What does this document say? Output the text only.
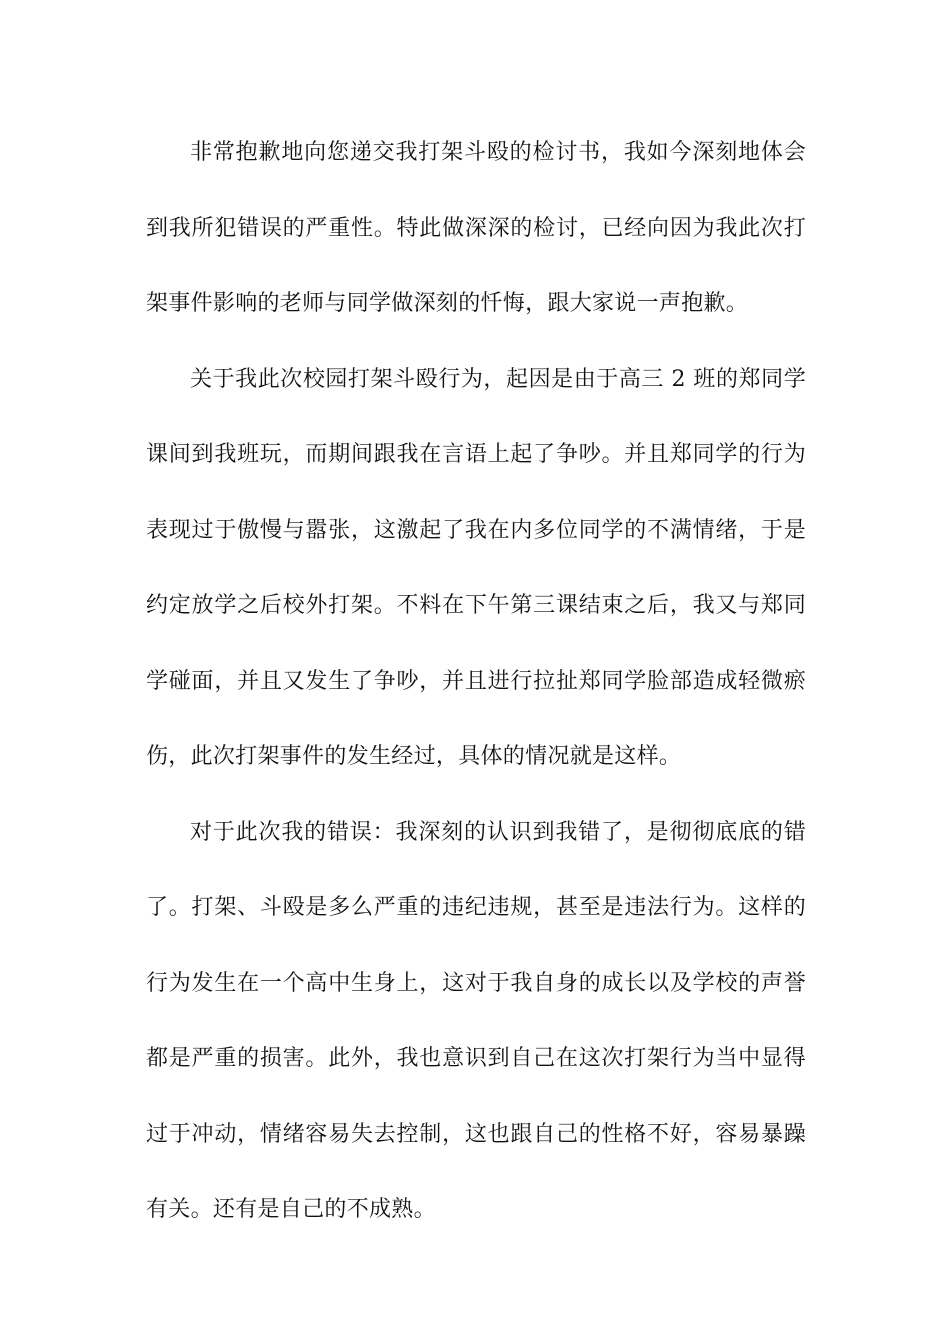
非常抱歉地向您递交我打架斗殴的检讨书，我如今深刻地体会到我所犯错误的严重性。特此做深深的检讨，已经向因为我此次打架事件影响的老师与同学做深刻的忏悔，跟大家说一声抱歉。

关于我此次校园打架斗殴行为，起因是由于高三 2 班的郑同学课间到我班玩，而期间跟我在言语上起了争吵。并且郑同学的行为表现过于傲慢与嚣张，这激起了我在内多位同学的不满情绪，于是约定放学之后校外打架。不料在下午第三课结束之后，我又与郑同学碰面，并且又发生了争吵，并且进行拉扯郑同学脸部造成轻微瘀伤，此次打架事件的发生经过，具体的情况就是这样。

对于此次我的错误：我深刻的认识到我错了，是彻彻底底的错了。打架、斗殴是多么严重的违纪违规，甚至是违法行为。这样的行为发生在一个高中生身上，这对于我自身的成长以及学校的声誉都是严重的损害。此外，我也意识到自己在这次打架行为当中显得过于冲动，情绪容易失去控制，这也跟自己的性格不好，容易暴躁有关。还有是自己的不成熟。
